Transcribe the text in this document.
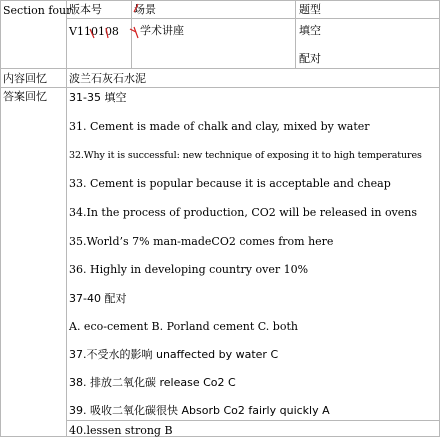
Section four
版本号	场景	题型
V110108 学术讲座	填空
配对
内容回忆 波兰石灰石水泥
答案回忆 31-35 填空
31. Cement is made of chalk and clay, mixed by water
32.Why it is successful: new technique of exposing it to high temperatures
33. Cement is popular because it is acceptable and cheap
34.In the process of production, CO2 will be released in ovens
35.World’s 7% man-madeCO2 comes from here
36. Highly in developing country over 10%
37-40 配对
A. eco-cement B. Porland cement C. both
37.不受水的影响 unaffected by water C
38. 排放二氧化碳 release Co2 C
39. 吸收二氧化碳很快 Absorb Co2 fairly quickly A
40.lessen strong B
